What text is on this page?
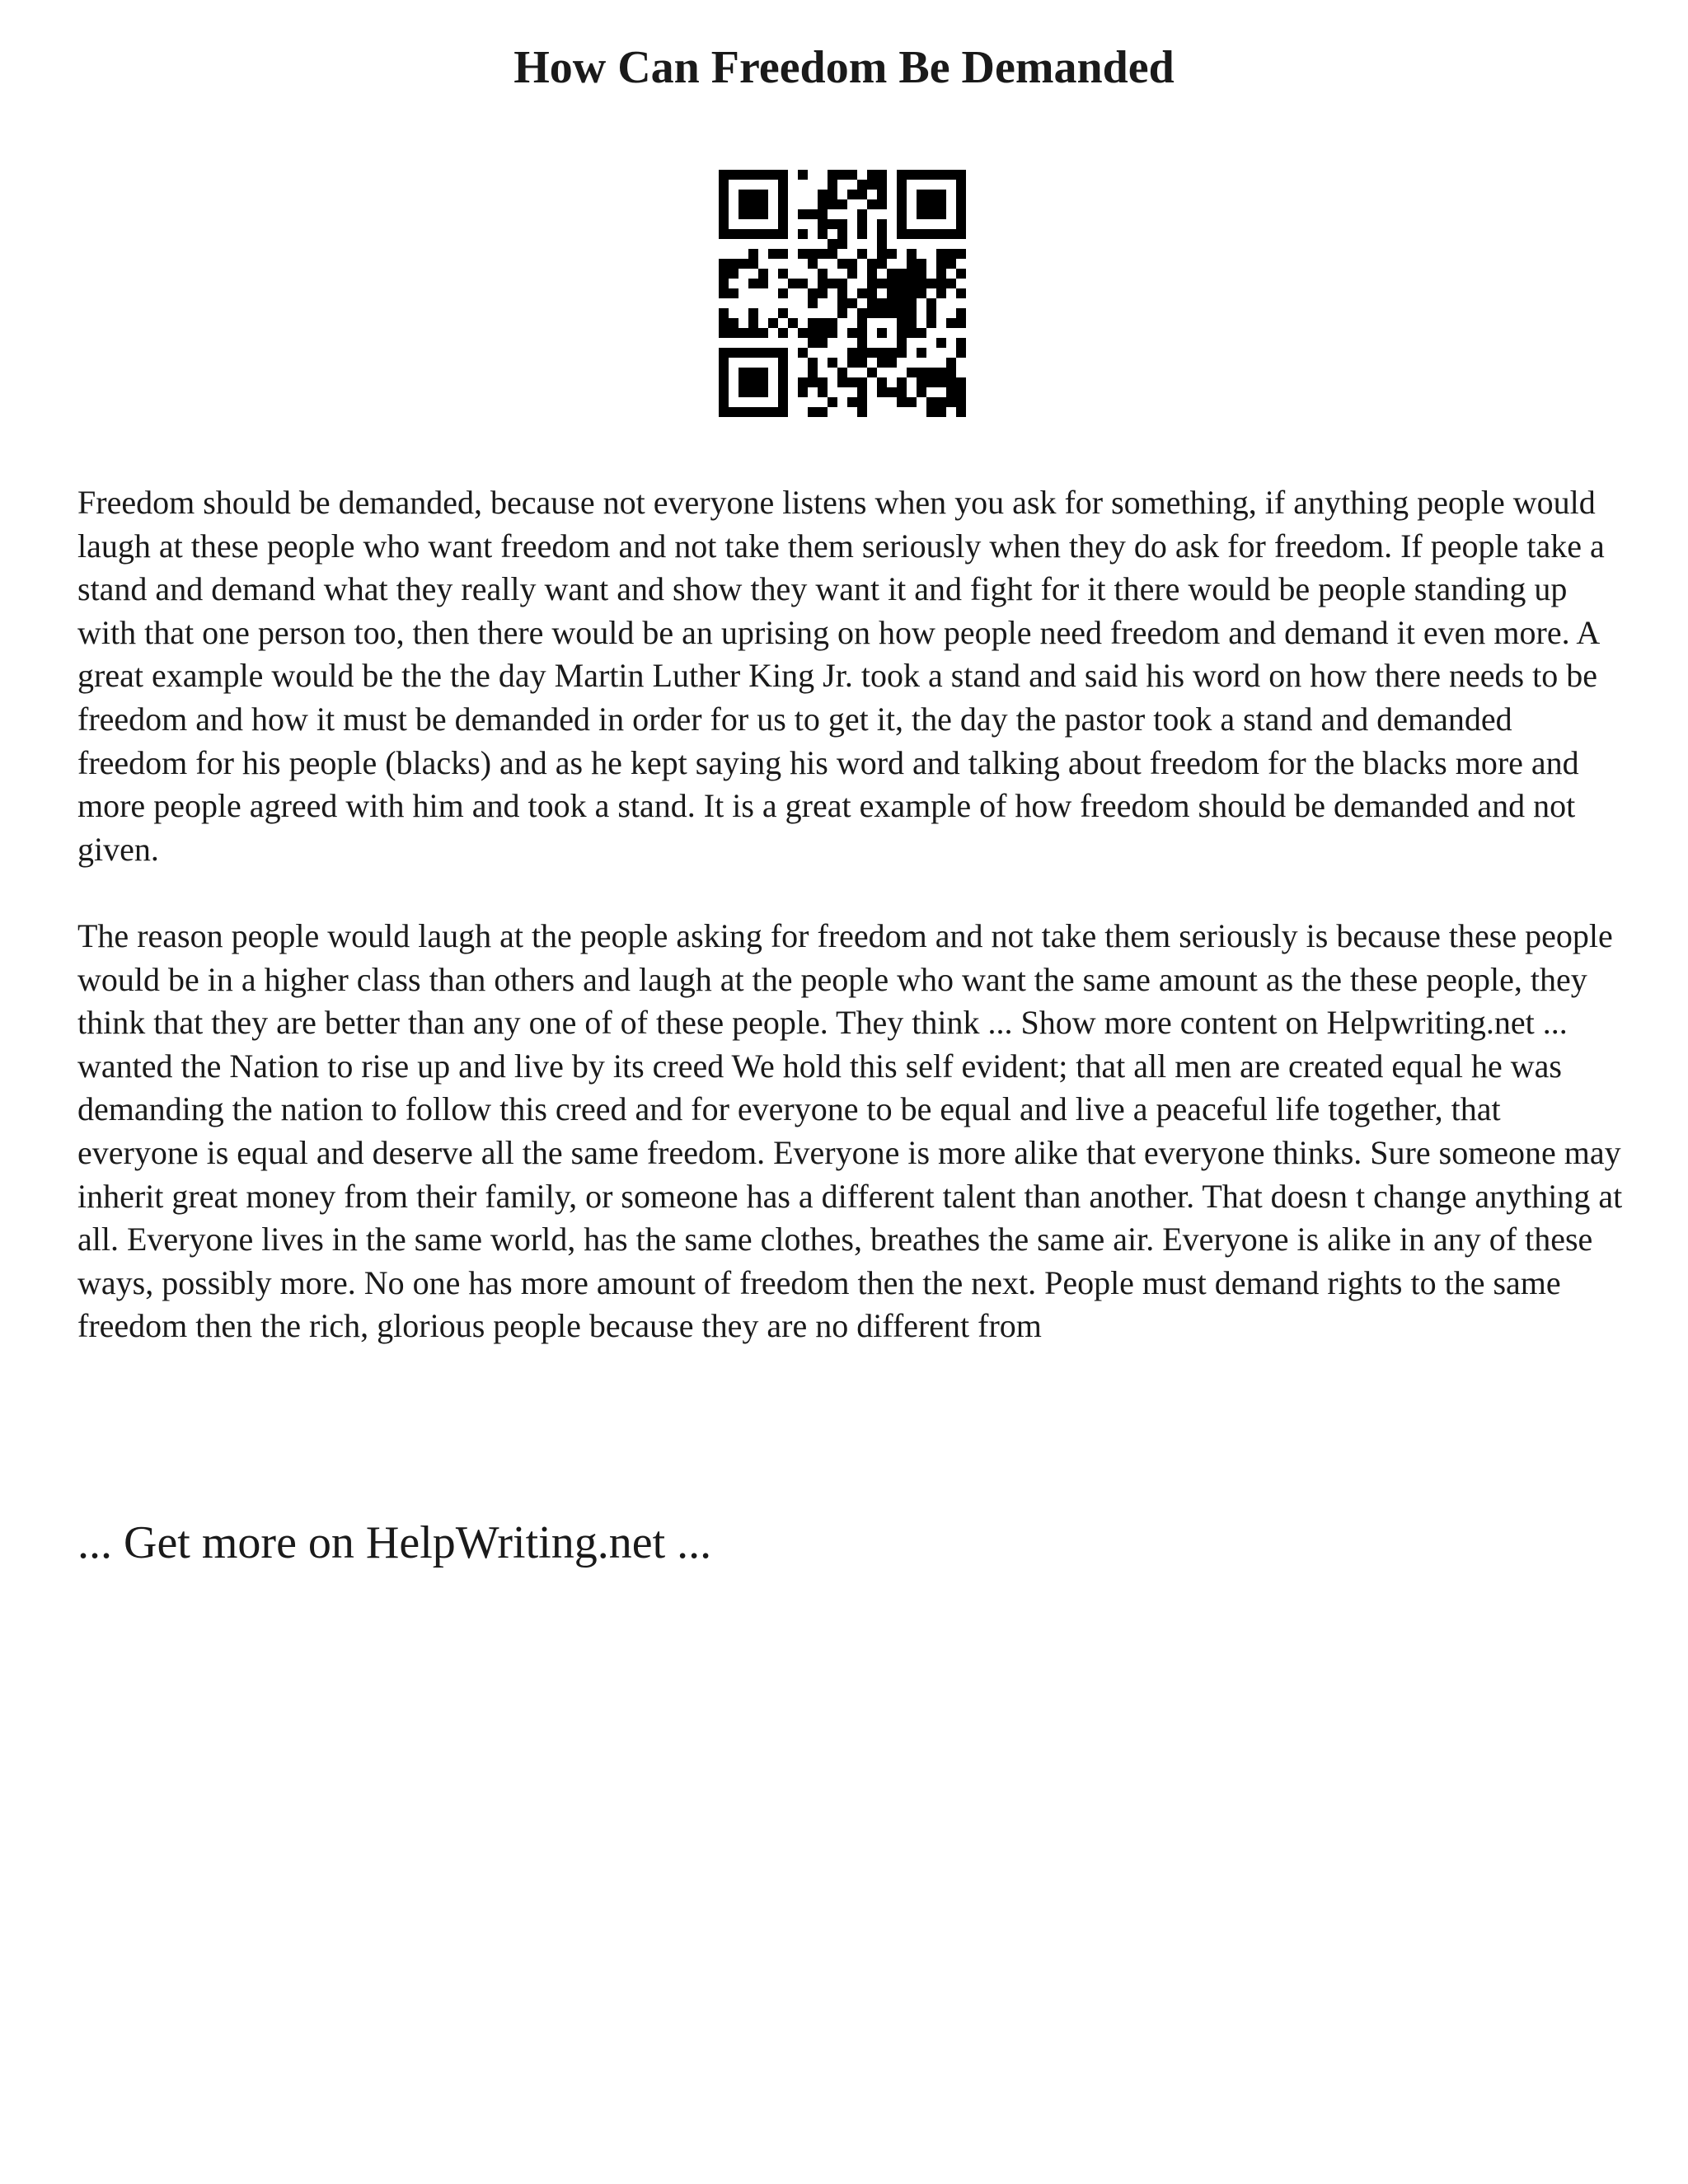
How Can Freedom Be Demanded

Freedom should be demanded, because not everyone listens when you ask for something, if anything people would laugh at these people who want freedom and not take them seriously when they do ask for freedom. If people take a stand and demand what they really want and show they want it and fight for it there would be people standing up with that one person too, then there would be an uprising on how people need freedom and demand it even more. A great example would be the the day Martin Luther King Jr. took a stand and said his word on how there needs to be freedom and how it must be demanded in order for us to get it, the day the pastor took a stand and demanded freedom for his people (blacks) and as he kept saying his word and talking about freedom for the blacks more and more people agreed with him and took a stand. It is a great example of how freedom should be demanded and not given.

The reason people would laugh at the people asking for freedom and not take them seriously is because these people would be in a higher class than others and laugh at the people who want the same amount as the these people, they think that they are better than any one of of these people. They think ... Show more content on Helpwriting.net ...

wanted the Nation to rise up and live by its creed We hold this self evident; that all men are created equal he was demanding the nation to follow this creed and for everyone to be equal and live a peaceful life together, that everyone is equal and deserve all the same freedom. Everyone is more alike that everyone thinks. Sure someone may inherit great money from their family, or someone has a different talent than another. That doesn t change anything at all. Everyone lives in the same world, has the same clothes, breathes the same air. Everyone is alike in any of these ways, possibly more. No one has more amount of freedom then the next. People must demand rights to the same freedom then the rich, glorious people because they are no different from

... Get more on HelpWriting.net ...
